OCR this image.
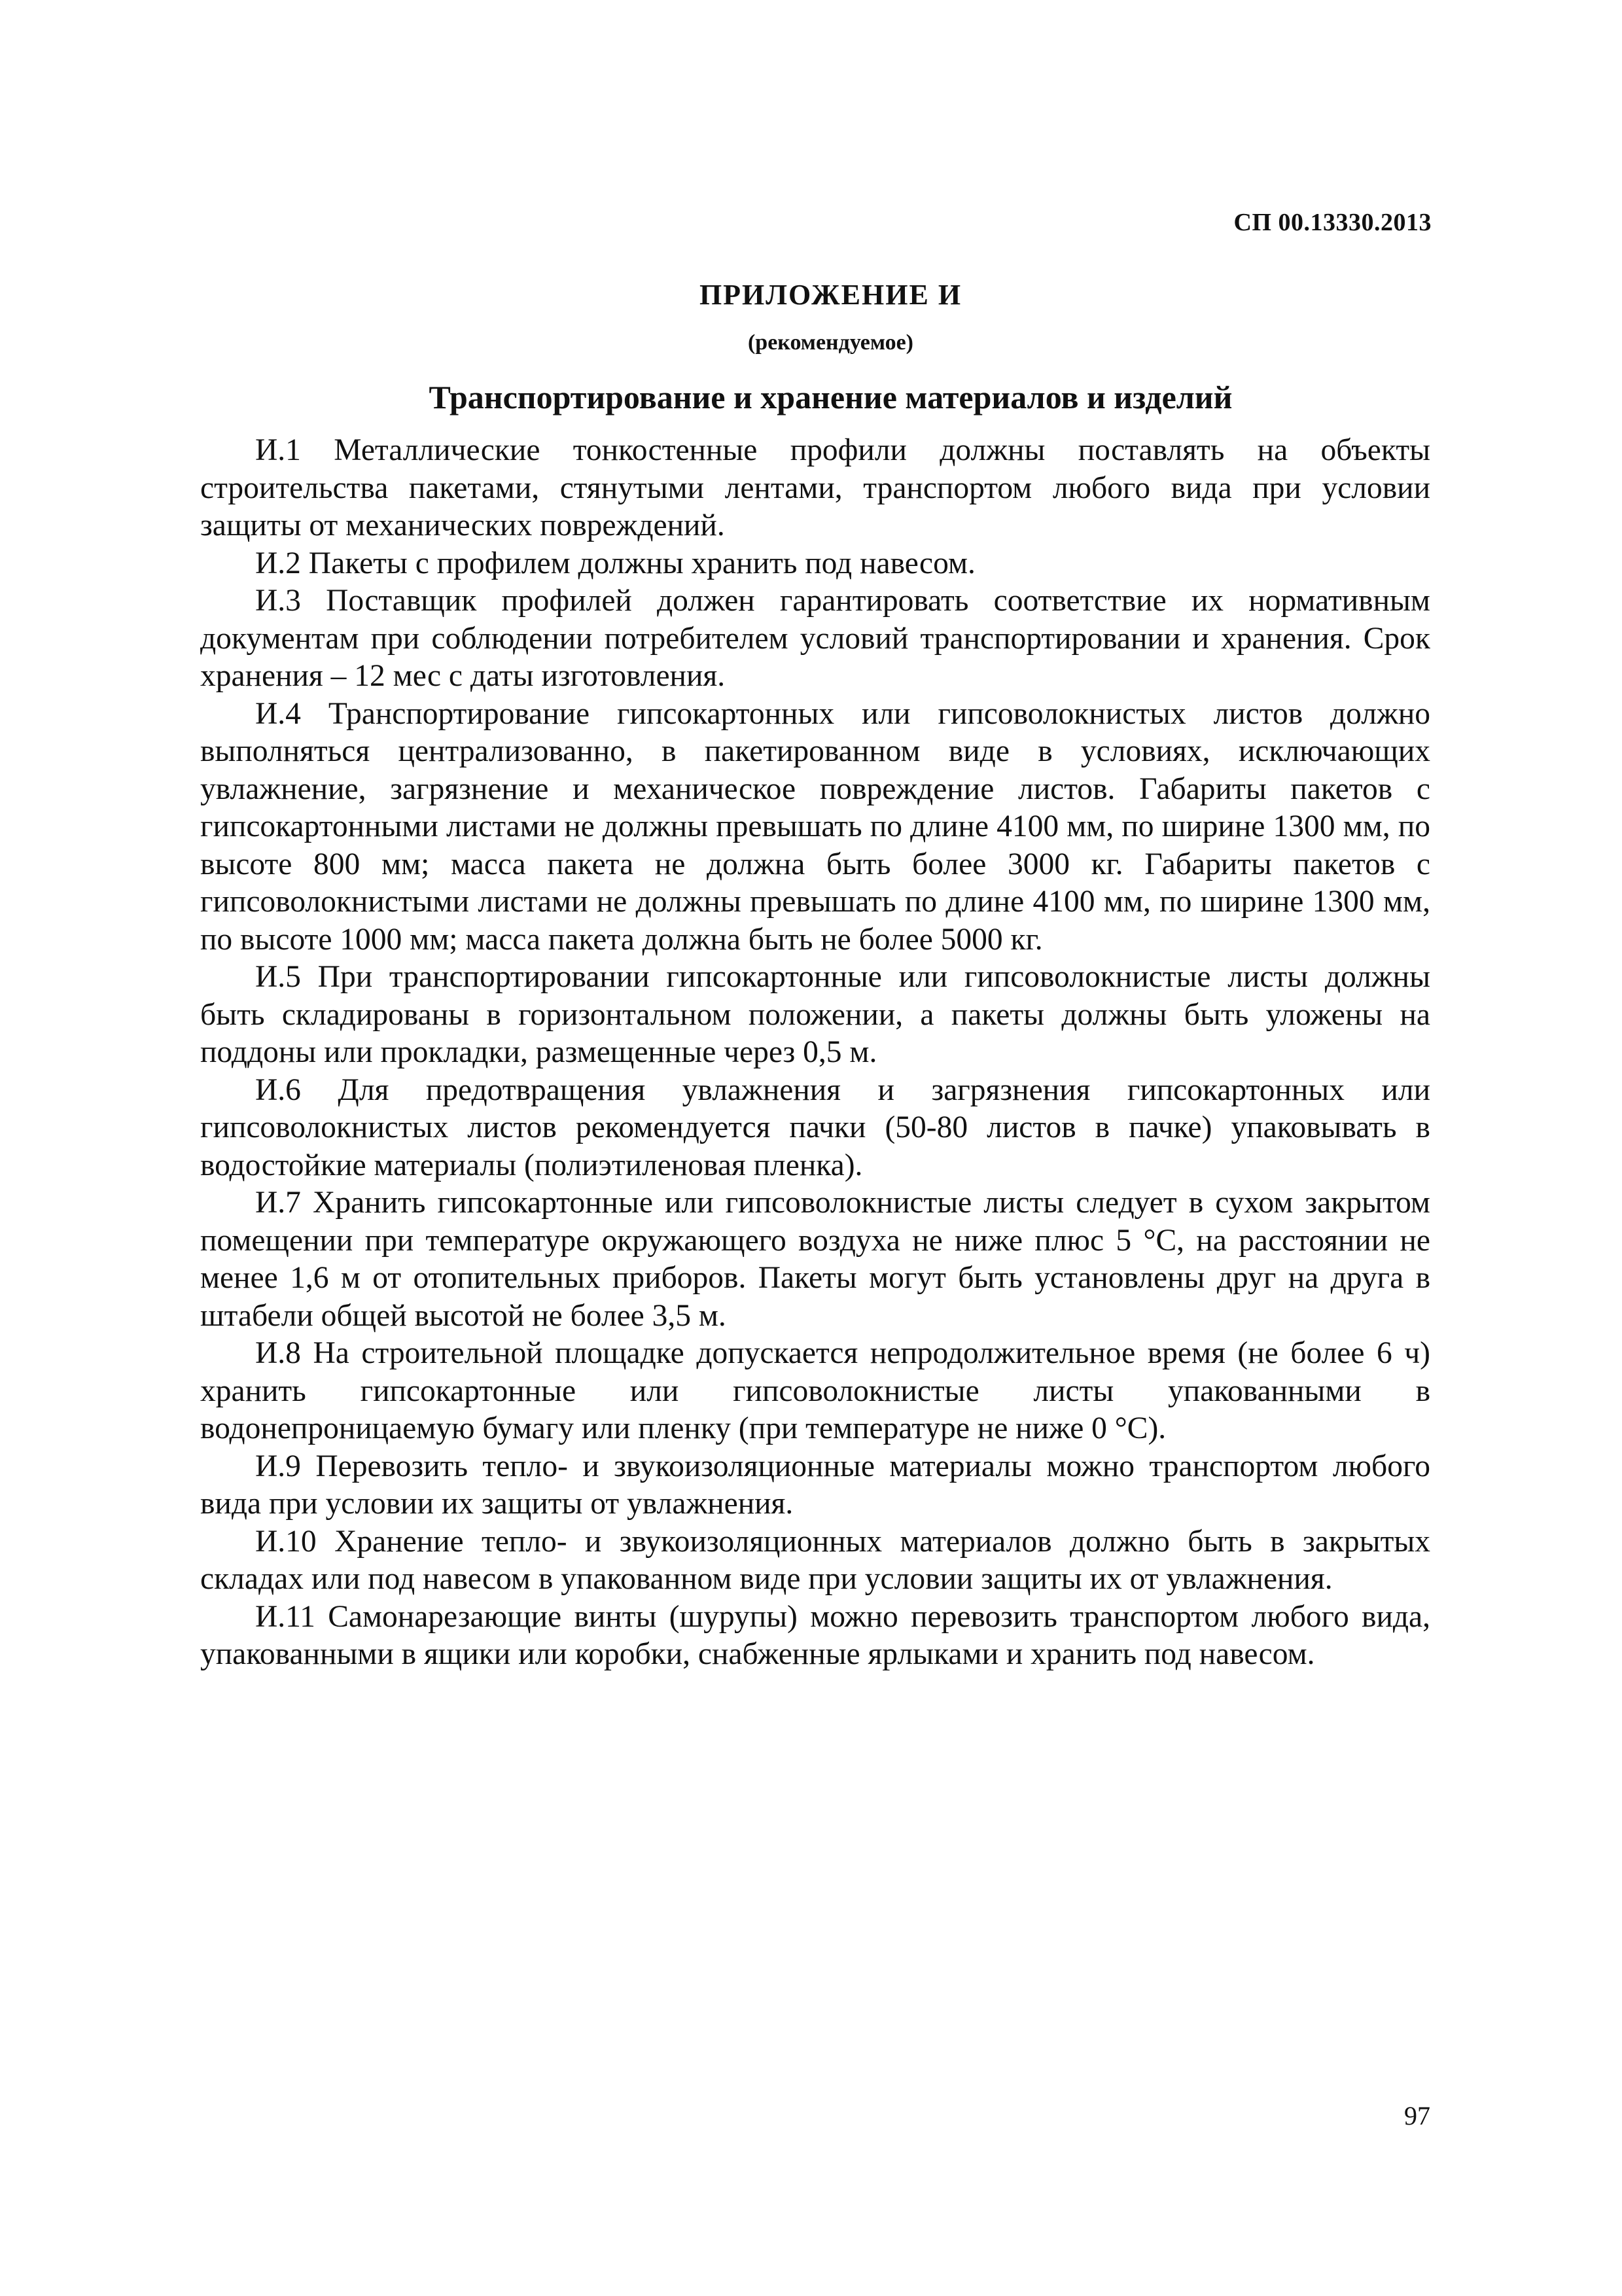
СП 00.13330.2013
ПРИЛОЖЕНИЕ И
(рекомендуемое)
Транспортирование и хранение материалов и изделий

И.1 Металлические тонкостенные профили должны поставлять на объекты строительства пакетами, стянутыми лентами, транспортом любого вида при условии защиты от механических повреждений.

И.2 Пакеты с профилем должны хранить под навесом.

И.3 Поставщик профилей должен гарантировать соответствие их нормативным документам при соблюдении потребителем условий транспортировании и хранения. Срок хранения – 12 мес с даты изготовления.

И.4 Транспортирование гипсокартонных или гипсоволокнистых листов должно выполняться централизованно, в пакетированном виде в условиях, исключающих увлажнение, загрязнение и механическое повреждение листов. Габариты пакетов с гипсокартонными листами не должны превышать по длине 4100 мм, по ширине 1300 мм, по высоте 800 мм; масса пакета не должна быть более 3000 кг. Габариты пакетов с гипсоволокнистыми листами не должны превышать по длине 4100 мм, по ширине 1300 мм, по высоте 1000 мм; масса пакета должна быть не более 5000 кг.

И.5 При транспортировании гипсокартонные или гипсоволокнистые листы должны быть складированы в горизонтальном положении, а пакеты должны быть уложены на поддоны или прокладки, размещенные через 0,5 м.

И.6 Для предотвращения увлажнения и загрязнения гипсокартонных или гипсоволокнистых листов рекомендуется пачки (50-80 листов в пачке) упаковывать в водостойкие материалы (полиэтиленовая пленка).

И.7 Хранить гипсокартонные или гипсоволокнистые листы следует в сухом закрытом помещении при температуре окружающего воздуха не ниже плюс 5 °С, на расстоянии не менее 1,6 м от отопительных приборов. Пакеты могут быть установлены друг на друга в штабели общей высотой не более 3,5 м.

И.8 На строительной площадке допускается непродолжительное время (не более 6 ч) хранить гипсокартонные или гипсоволокнистые листы упакованными в водонепроницаемую бумагу или пленку (при температуре не ниже 0 °С).

И.9 Перевозить тепло- и звукоизоляционные материалы можно транспортом любого вида при условии их защиты от увлажнения.

И.10 Хранение тепло- и звукоизоляционных материалов должно быть в закрытых складах или под навесом в упакованном виде при условии защиты их от увлажнения.

И.11 Самонарезающие винты (шурупы) можно перевозить транспортом любого вида, упакованными в ящики или коробки, снабженные ярлыками и хранить под навесом.

97
